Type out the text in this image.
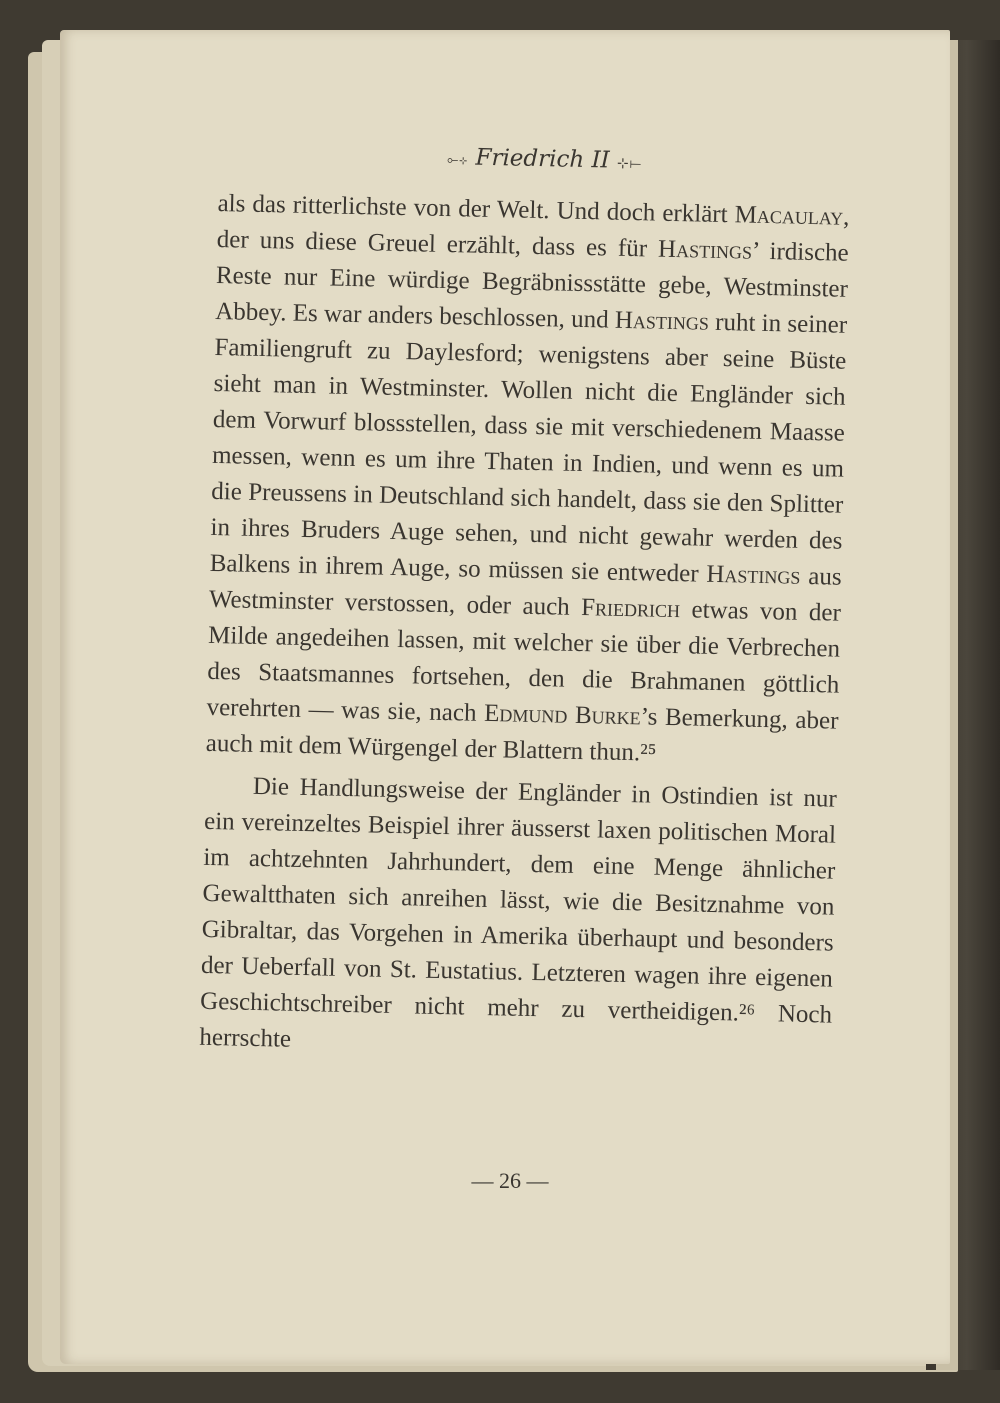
⟜⊹ Friedrich II ⊹⟝

als das ritterlichste von der Welt. Und doch erklärt Macaulay, der uns diese Greuel erzählt, dass es für Hastings’ irdische Reste nur Eine würdige Begräbnissstätte gebe, Westminster Abbey. Es war anders beschlossen, und Hastings ruht in seiner Familiengruft zu Daylesford; wenigstens aber seine Büste sieht man in Westminster. Wollen nicht die Engländer sich dem Vorwurf blossstellen, dass sie mit verschiedenem Maasse messen, wenn es um ihre Thaten in Indien, und wenn es um die Preussens in Deutschland sich handelt, dass sie den Splitter in ihres Bruders Auge sehen, und nicht gewahr werden des Balkens in ihrem Auge, so müssen sie entweder Hastings aus Westminster verstossen, oder auch Friedrich etwas von der Milde angedeihen lassen, mit welcher sie über die Verbrechen des Staatsmannes fortsehen, den die Brahmanen göttlich verehrten — was sie, nach Edmund Burke’s Bemerkung, aber auch mit dem Würgengel der Blattern thun.²⁵

Die Handlungsweise der Engländer in Ostindien ist nur ein vereinzeltes Beispiel ihrer äusserst laxen politischen Moral im achtzehnten Jahrhundert, dem eine Menge ähnlicher Gewaltthaten sich anreihen lässt, wie die Besitznahme von Gibraltar, das Vorgehen in Amerika überhaupt und besonders der Ueberfall von St. Eustatius. Letzteren wagen ihre eigenen Geschichtschreiber nicht mehr zu vertheidigen.²⁶ Noch herrschte

— 26 —
